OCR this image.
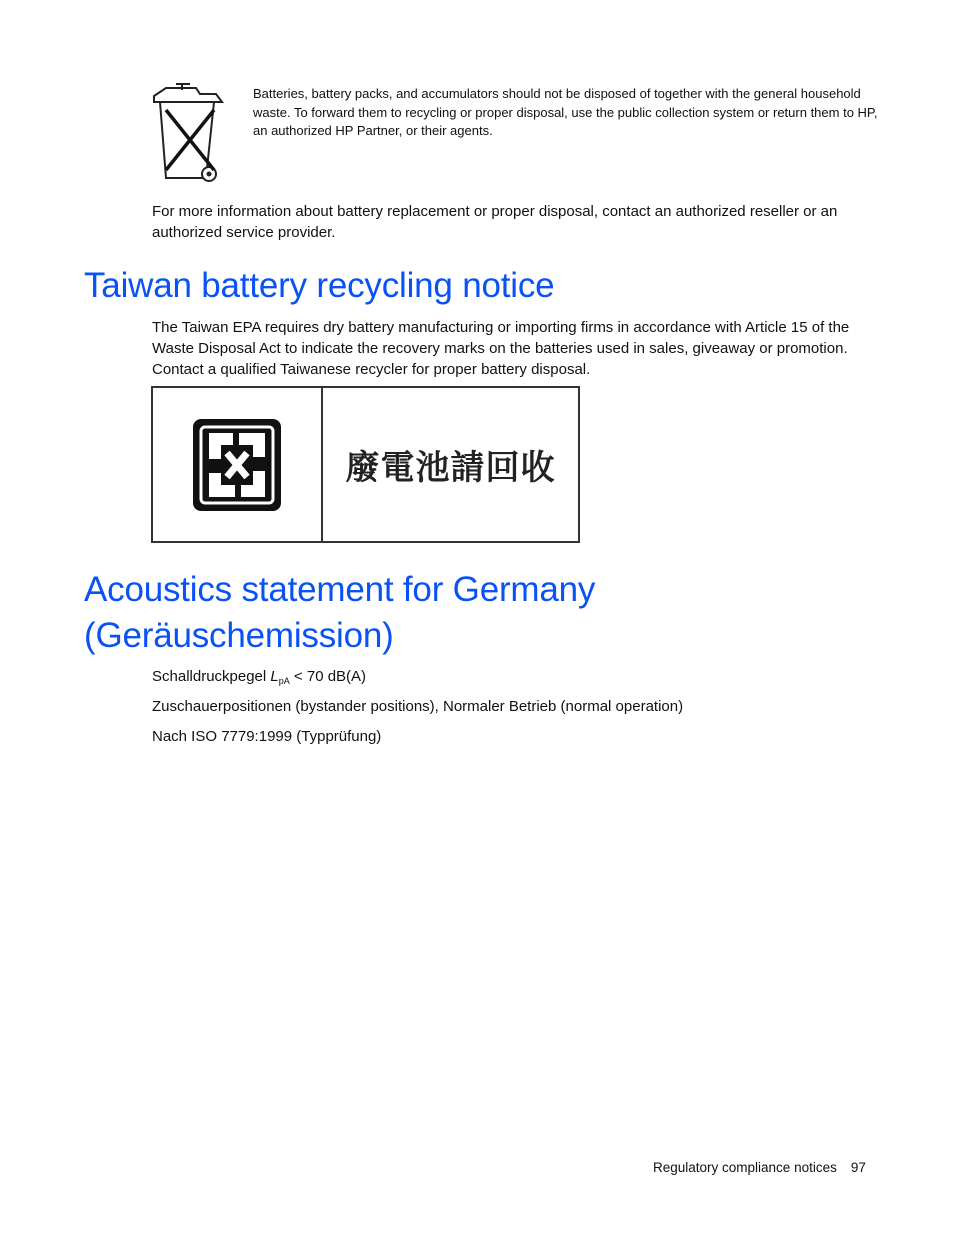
Batteries, battery packs, and accumulators should not be disposed of together with the general household waste. To forward them to recycling or proper disposal, use the public collection system or return them to HP, an authorized HP Partner, or their agents.

For more information about battery replacement or proper disposal, contact an authorized reseller or an authorized service provider.

Taiwan battery recycling notice

The Taiwan EPA requires dry battery manufacturing or importing firms in accordance with Article 15 of the Waste Disposal Act to indicate the recovery marks on the batteries used in sales, giveaway or promotion. Contact a qualified Taiwanese recycler for proper battery disposal.

廢電池請回收
Acoustics statement for Germany (Geräuschemission)
Schalldruckpegel $L_{pA} < 70$ dB(A)
Zuschauerpositionen (bystander positions), Normaler Betrieb (normal operation)
Nach ISO 7779:1999 (Typprüfung)
Regulatory compliance notices 97
